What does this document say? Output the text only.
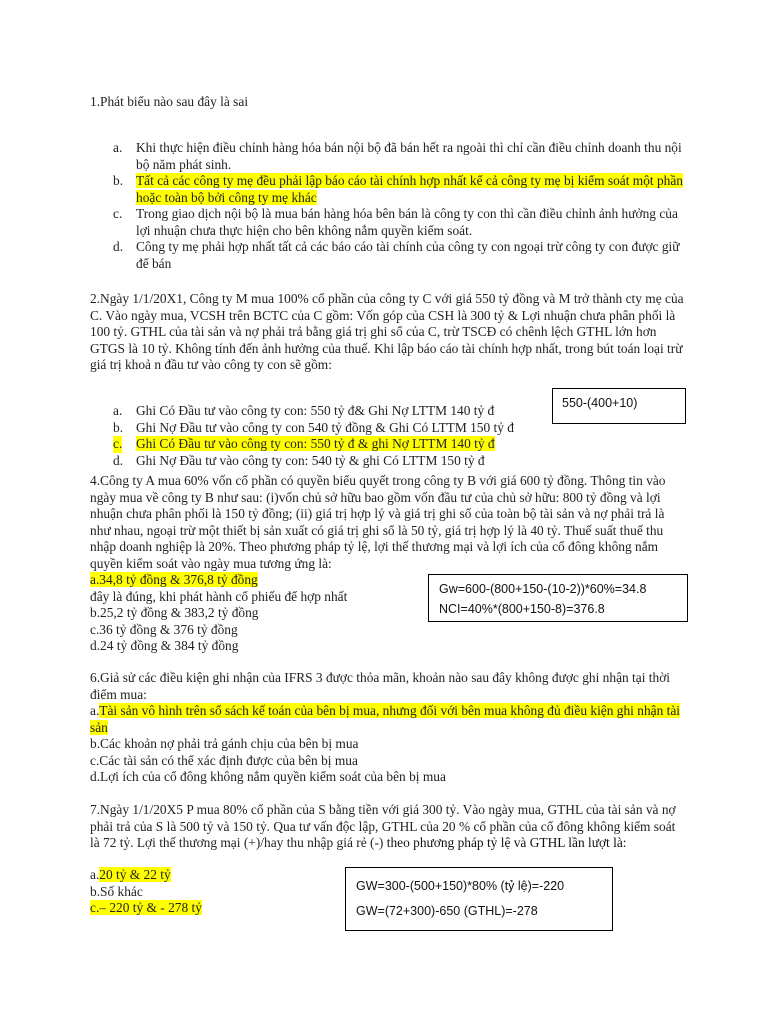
1.Phát biểu nào sau đây là sai

a. Khi thực hiện điều chỉnh hàng hóa bán nội bộ đã bán hết ra ngoài thì chỉ cần điều chỉnh doanh thu nội bộ năm phát sinh.
b. Tất cả các công ty mẹ đều phải lập báo cáo tài chính hợp nhất kể cả công ty mẹ bị kiểm soát một phần hoặc toàn bộ bởi công ty mẹ khác
c. Trong giao dịch nội bộ là mua bán hàng hóa bên bán là công ty con thì cần điều chỉnh ảnh hưởng của lợi nhuận chưa thực hiện cho bên không nắm quyền kiểm soát.
d. Công ty mẹ phải hợp nhất tất cả các báo cáo tài chính của công ty con ngoại trừ công ty con được giữ để bán

2.Ngày 1/1/20X1, Công ty M mua 100% cổ phần của công ty C với giá 550 tỷ đồng và M trở thành cty mẹ của C. Vào ngày mua, VCSH trên BCTC của C gồm: Vốn góp của CSH là 300 tỷ & Lợi nhuận chưa phân phối là 100 tỷ. GTHL của tài sản và nợ phải trả bằng giá trị ghi sổ của C, trừ TSCĐ có chênh lệch GTHL lớn hơn GTGS là 10 tỷ. Không tính đến ảnh hưởng của thuế. Khi lập báo cáo tài chính hợp nhất, trong bút toán loại trừ giá trị khoả n đầu tư vào công ty con sẽ gồm:

550-(400+10)
a. Ghi Có Đầu tư vào công ty con: 550 tỷ đ& Ghi Nợ LTTM 140 tỷ đ
b. Ghi Nợ Đầu tư vào công ty con 540 tỷ đồng & Ghi Có LTTM 150 tỷ đ
c. Ghi Có Đầu tư vào công ty con: 550 tỷ đ & ghi Nợ LTTM 140 tỷ đ
d. Ghi Nợ Đầu tư vào công ty con: 540 tỷ & ghi Có LTTM 150 tỷ đ

4.Công ty A mua 60% vốn cổ phần có quyền biểu quyết trong công ty B với giá 600 tỷ đồng. Thông tin vào ngày mua về công ty B như sau: (i)vốn chủ sở hữu bao gồm vốn đầu tư của chủ sở hữu: 800 tỷ đồng và lợi nhuận chưa phân phối là 150 tỷ đồng; (ii) giá trị hợp lý và giá trị ghi sổ của toàn bộ tài sản và nợ phải trả là như nhau, ngoại trừ một thiết bị sản xuất có giá trị ghi sổ là 50 tỷ, giá trị hợp lý là 40 tỷ. Thuế suất thuế thu nhập doanh nghiệp là 20%. Theo phương pháp tỷ lệ, lợi thế thương mại và lợi ích của cổ đông không nắm quyền kiểm soát vào ngày mua tương ứng là:

a.34,8 tỷ đồng & 376,8 tỷ đồng
đây là đúng, khi phát hành cổ phiếu để hợp nhất
b.25,2 tỷ đồng & 383,2 tỷ đồng
c.36 tỷ đồng & 376 tỷ đồng
d.24 tỷ đồng & 384 tỷ đồng
Gw=600-(800+150-(10-2))*60%=34.8
NCI=40%*(800+150-8)=376.8

6.Giả sử các điều kiện ghi nhận của IFRS 3 được thỏa mãn, khoản nào sau đây không được ghi nhận tại thời điểm mua:

a.Tài sản vô hình trên sổ sách kế toán của bên bị mua, nhưng đối với bên mua không đủ điều kiện ghi nhận tài sản
b.Các khoản nợ phải trả gánh chịu của bên bị mua
c.Các tài sản có thể xác định được của bên bị mua
d.Lợi ích của cổ đông không nắm quyền kiểm soát của bên bị mua

7.Ngày 1/1/20X5 P mua 80% cổ phần của S bằng tiền với giá 300 tỷ. Vào ngày mua, GTHL của tài sản và nợ phải trả của S là 500 tỷ và 150 tỷ. Qua tư vấn độc lập, GTHL của 20 % cổ phần của cổ đông không kiểm soát là 72 tỷ. Lợi thế thương mại (+)/hay thu nhập giá rẻ (-) theo phương pháp tỷ lệ và GTHL lần lượt là:

a.20 tỷ & 22 tỷ
b.Số khác
c.– 220 tỷ & - 278 tỷ
GW=300-(500+150)*80% (tỷ lệ)=-220
GW=(72+300)-650 (GTHL)=-278
